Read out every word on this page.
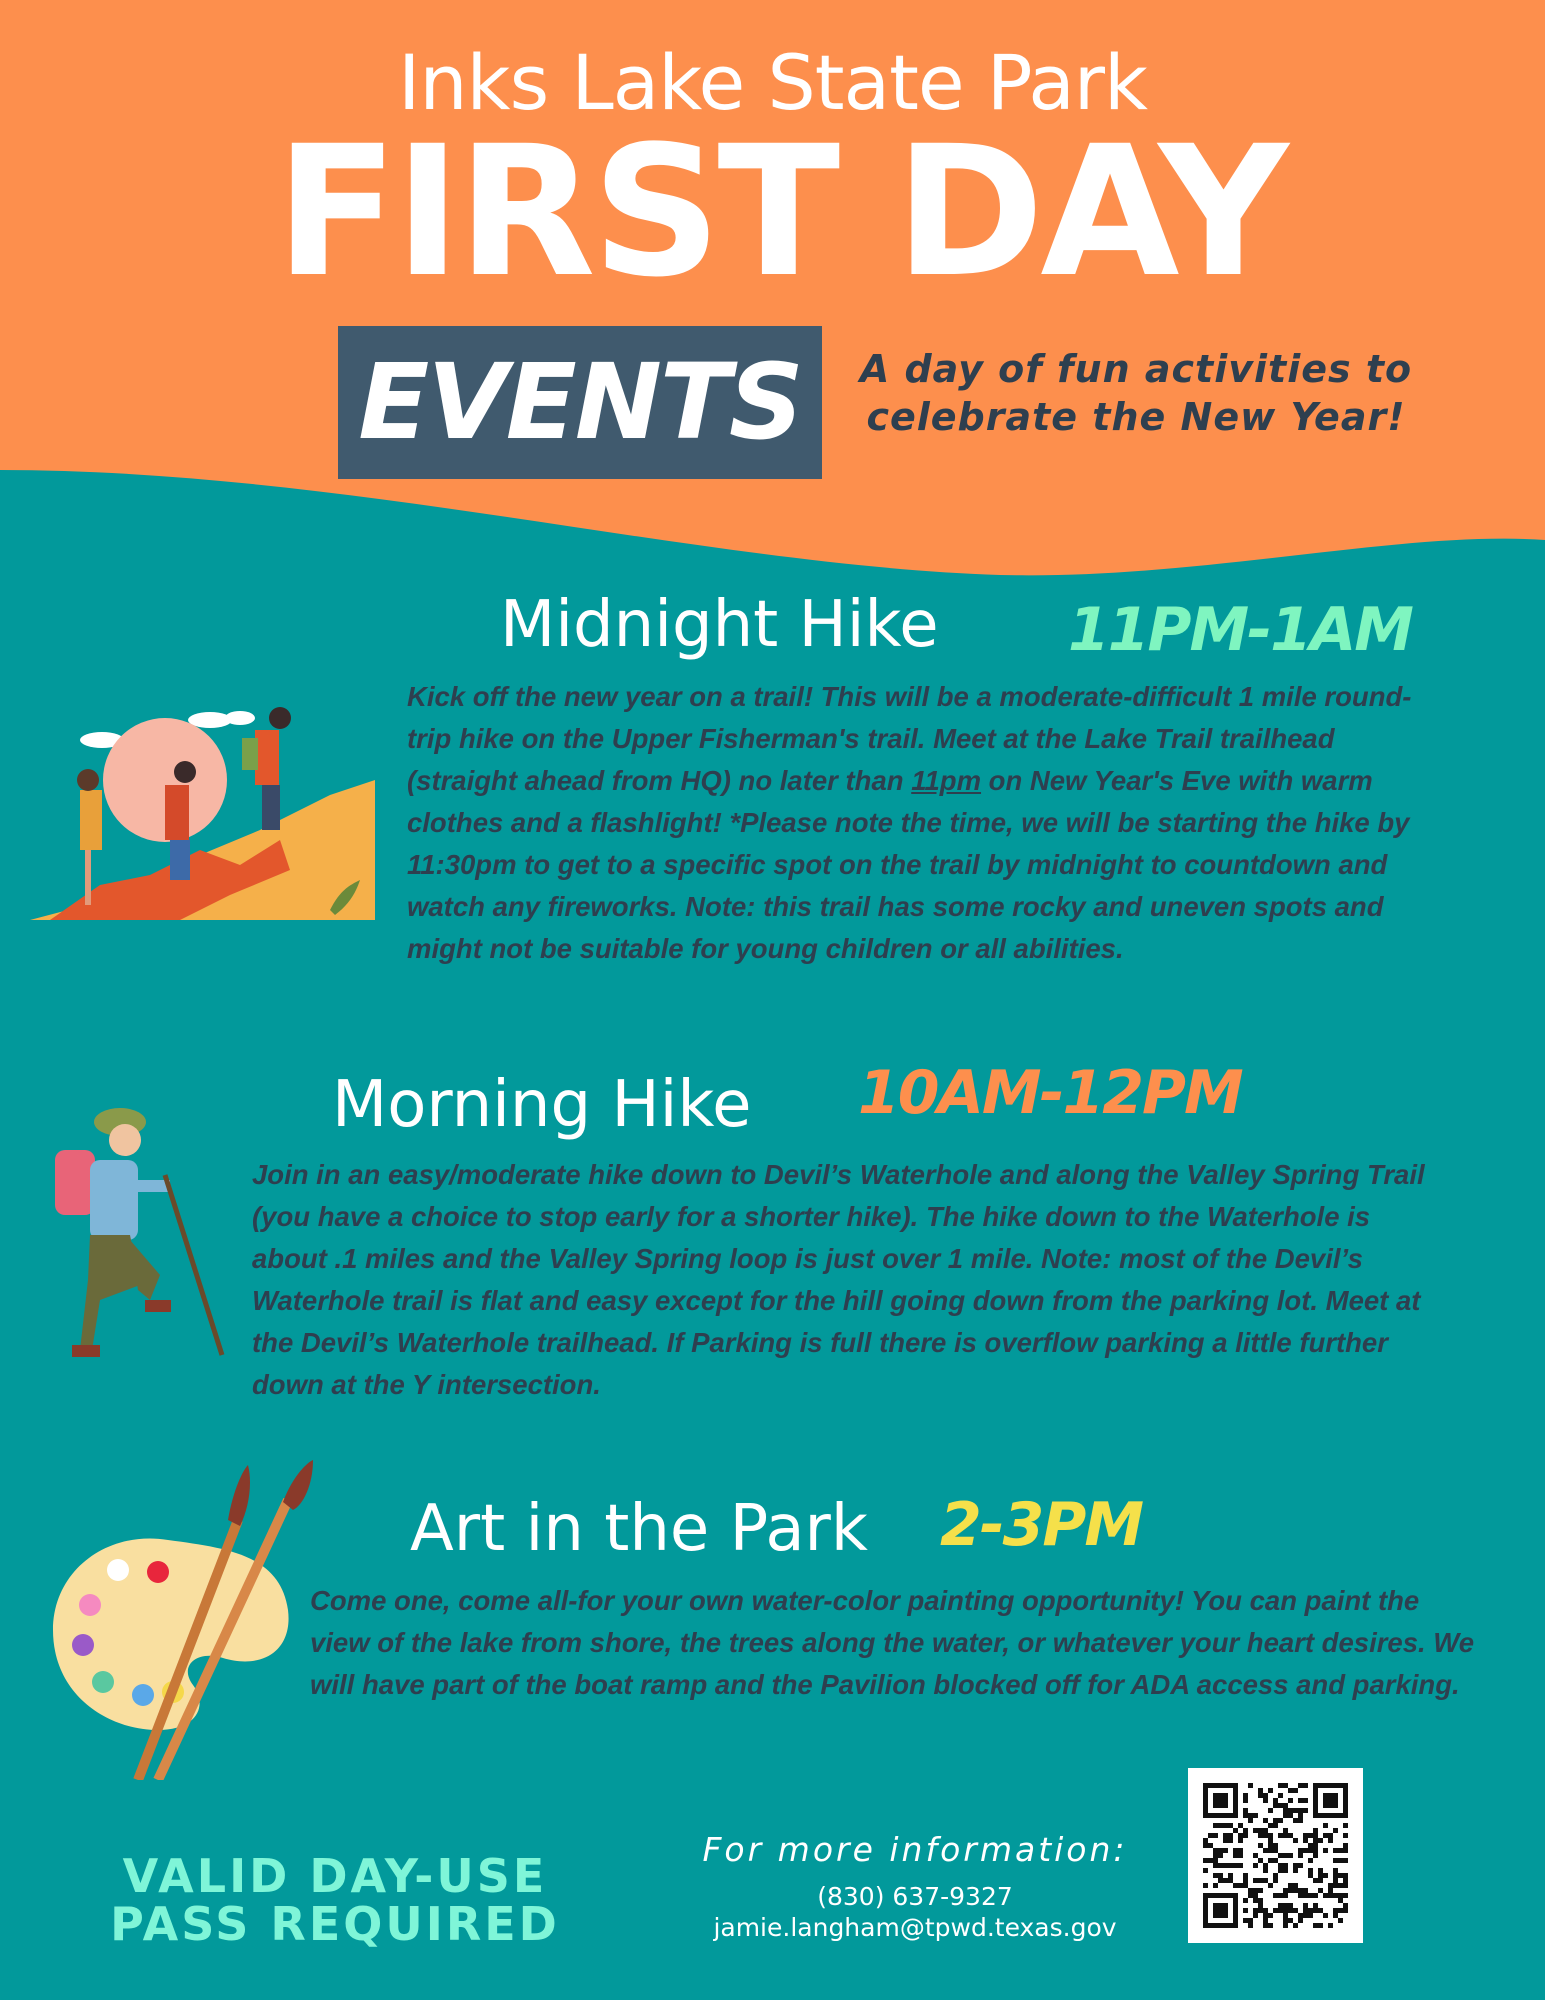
Inks Lake State Park
FIRST DAY
EVENTS	A day of fun activities to
celebrate the New Year!
Midnight Hike 11PM-1AM
Kick off the new year on a trail! This will be a moderate-difficult 1 mile round-trip hike on the Upper Fisherman's trail. Meet at the Lake Trail trailhead (straight ahead from HQ) no later than 11pm on New Year's Eve with warm clothes and a flashlight! *Please note the time, we will be starting the hike by 11:30pm to get to a specific spot on the trail by midnight to countdown and watch any fireworks. Note: this trail has some rocky and uneven spots and might not be suitable for young children or all abilities.
Morning Hike 10AM-12PM
Join in an easy/moderate hike down to Devil’s Waterhole and along the Valley Spring Trail (you have a choice to stop early for a shorter hike). The hike down to the Waterhole is about .1 miles and the Valley Spring loop is just over 1 mile. Note: most of the Devil’s Waterhole trail is flat and easy except for the hill going down from the parking lot. Meet at the Devil’s Waterhole trailhead. If Parking is full there is overflow parking a little further down at the Y intersection.
Art in the Park 2-3PM
Come one, come all-for your own water-color painting opportunity! You can paint the view of the lake from shore, the trees along the water, or whatever your heart desires. We will have part of the boat ramp and the Pavilion blocked off for ADA access and parking.
VALID DAY-USE
PASS REQUIRED
For more information:
(830) 637-9327
jamie.langham@tpwd.texas.gov
